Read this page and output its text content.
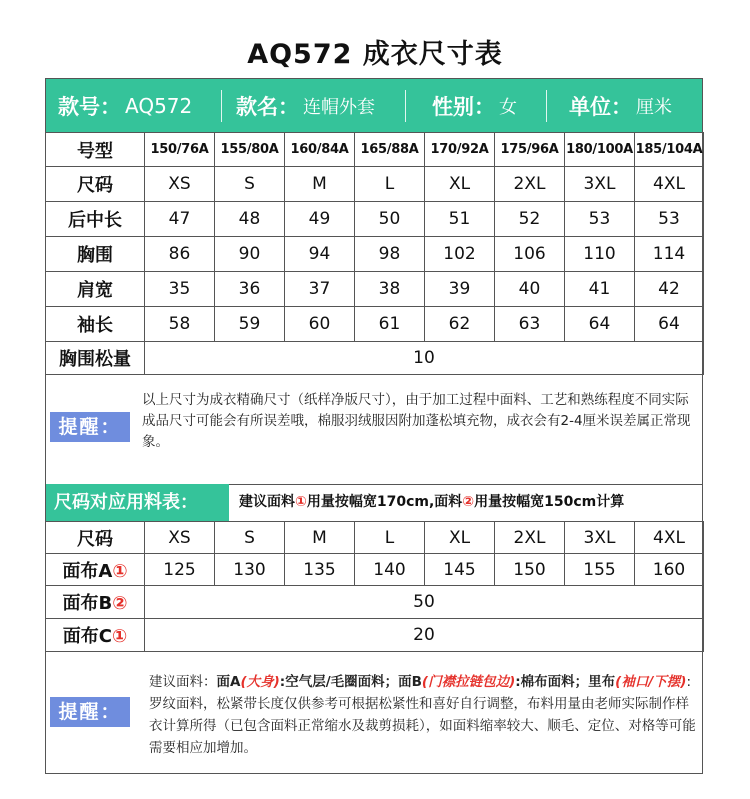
AQ572 成衣尺寸表
款号： AQ572 款名： 连帽外套	性别： 女 单位： 厘米
号型	150/76A	155/80A	160/84A	165/88A	170/92A	175/96A	180/100A	185/104A
尺码	XS	S	M	L	XL	2XL	3XL	4XL
后中长	47	48	49	50	51	52	53	53
胸围	86	90	94	98	102	106	110	114
肩宽	35	36	37	38	39	40	41	42
袖长	58	59	60	61	62	63	64	64
胸围松量	10							
提醒：
以上尺寸为成衣精确尺寸（纸样净版尺寸），由于加工过程中面料、工艺和熟练程度不同实际成品尺寸可能会有所误差哦，棉服羽绒服因附加蓬松填充物，成衣会有2-4厘米误差属正常现象。
尺码对应用料表：	建议面料①用量按幅宽170cm,面料②用量按幅宽150cm计算
尺码	XS	S	M	L	XL	2XL	3XL	4XL
面布A①	125	130	135	140	145	150	155	160
面布B②	50							
面布C①	20							
提醒：
建议面料：面A(大身):空气层/毛圈面料；面B(门襟拉链包边):棉布面料；里布(袖口/下摆):罗纹面料，松紧带长度仅供参考可根据松紧性和喜好自行调整，布料用量由老师实际制作样衣计算所得（已包含面料正常缩水及裁剪损耗），如面料缩率较大、顺毛、定位、对格等可能需要相应加增加。
